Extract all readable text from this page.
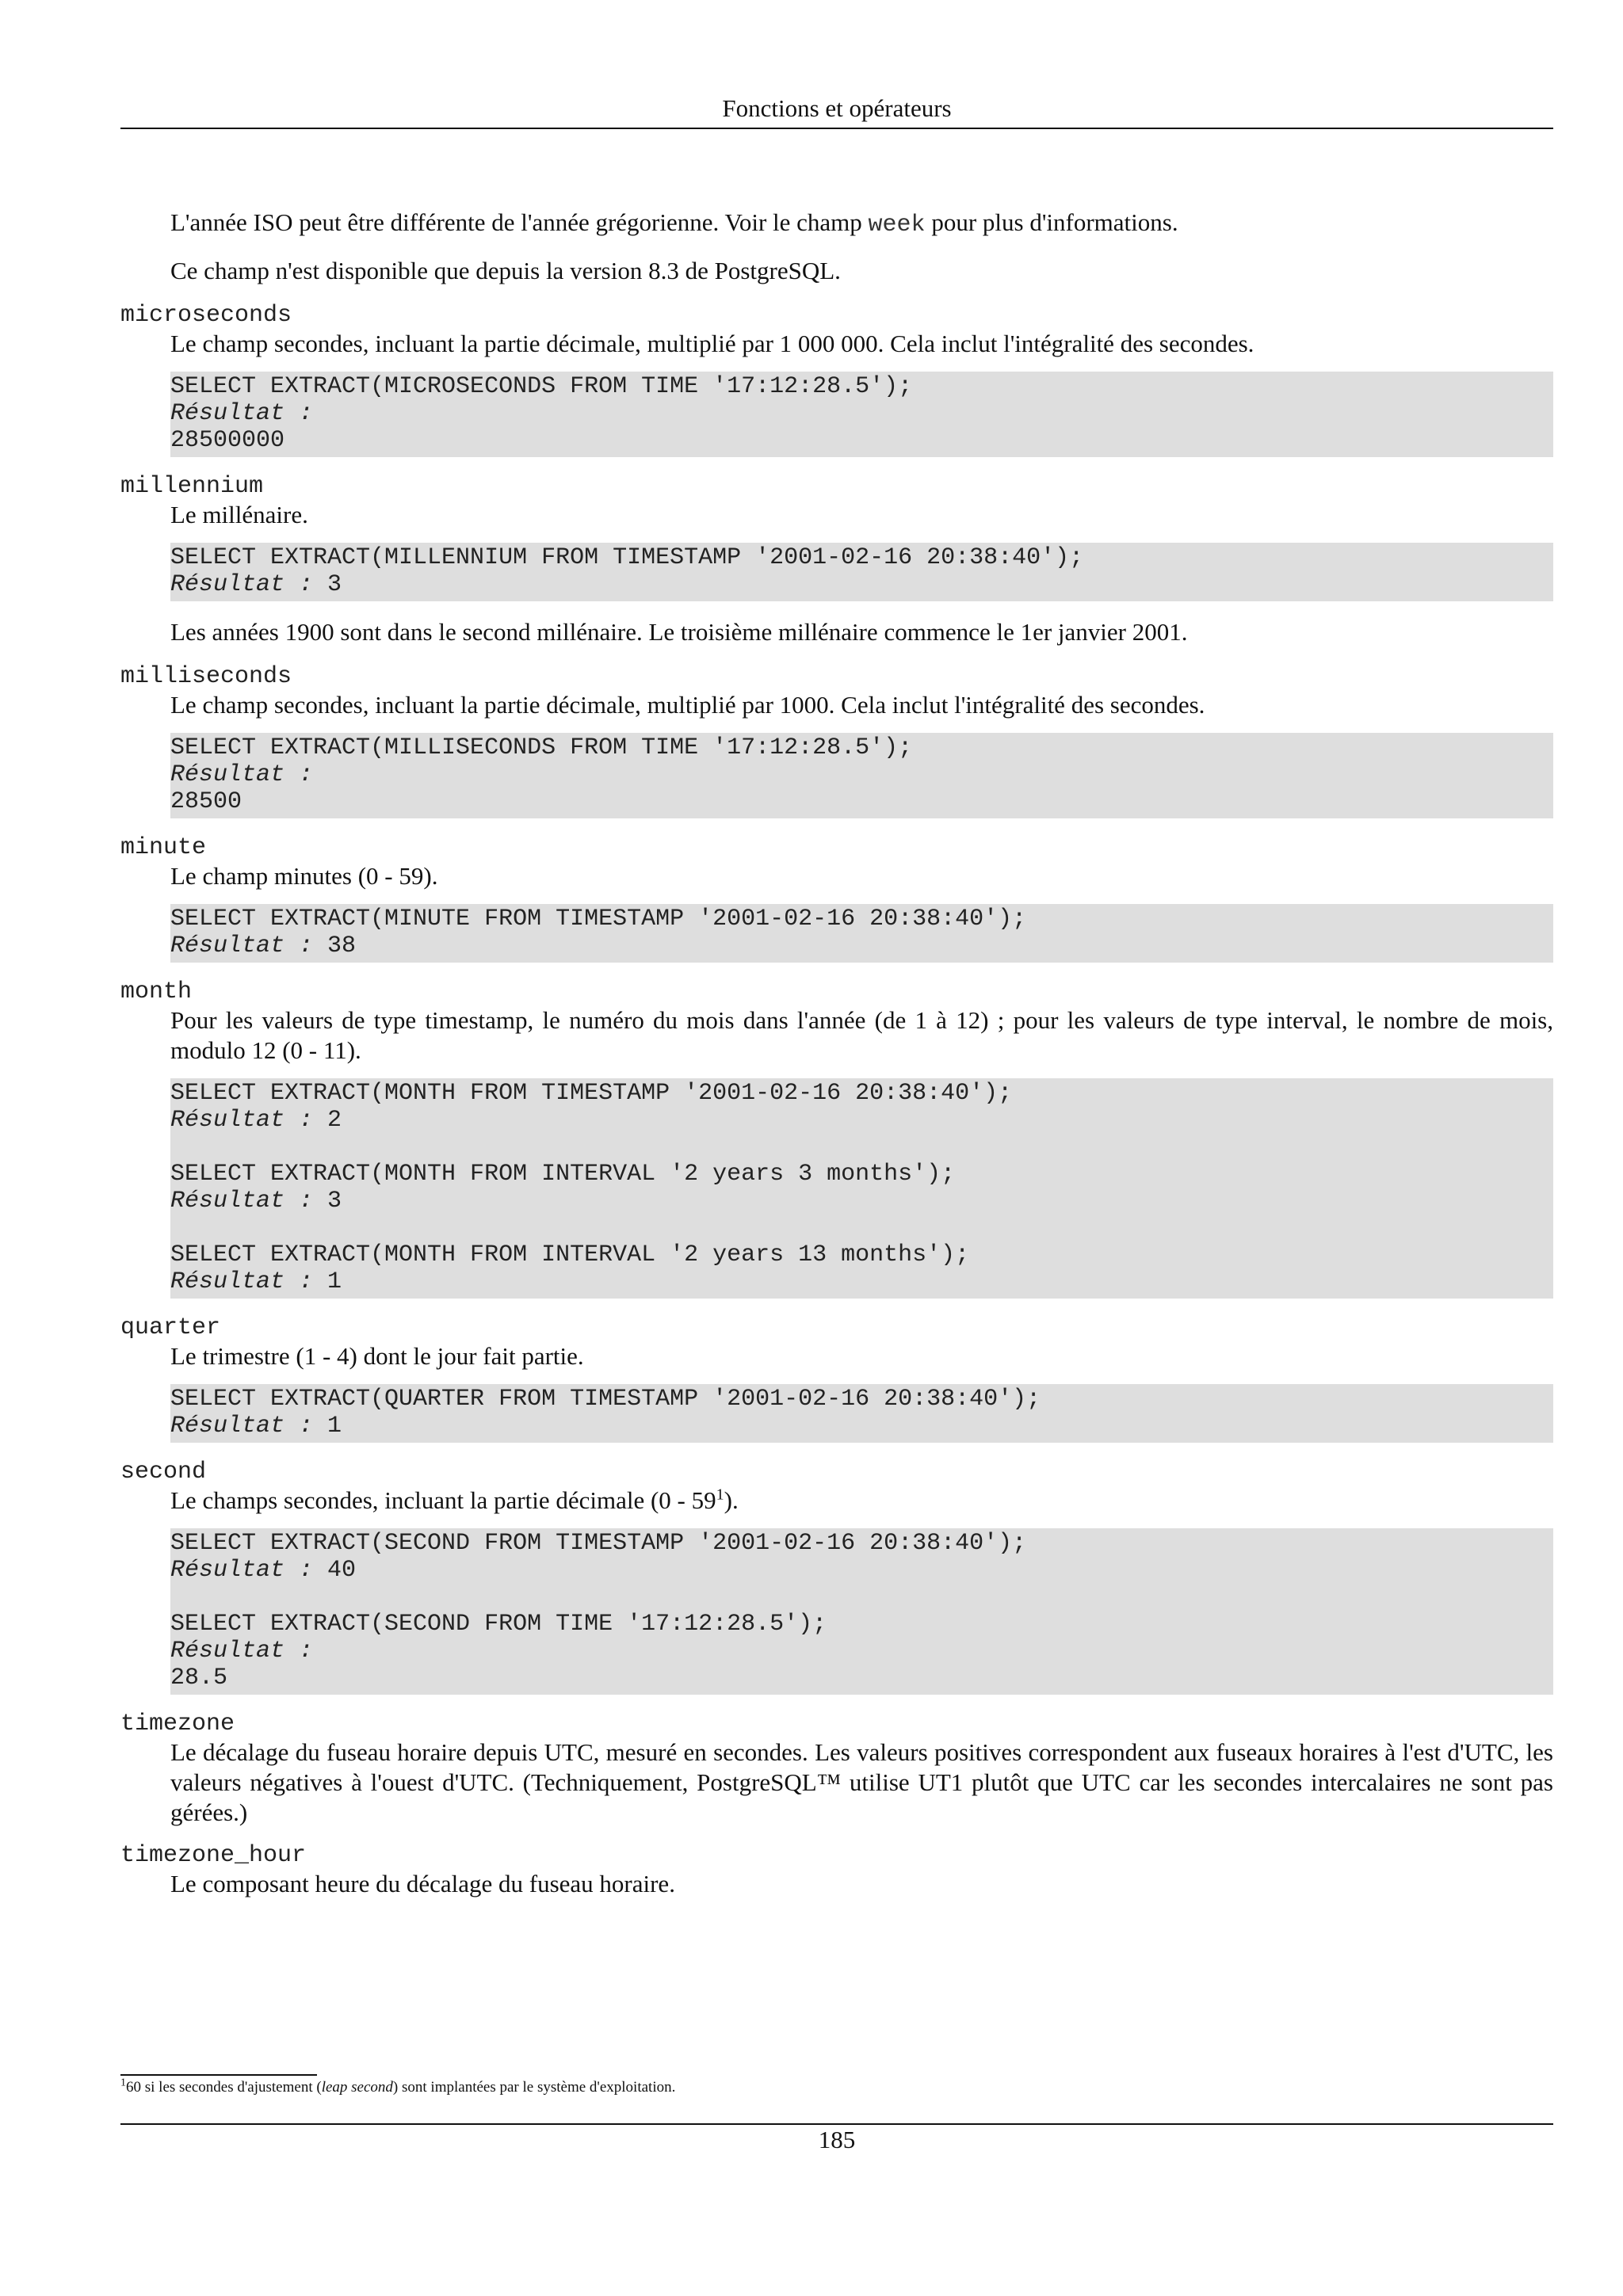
Fonctions et opérateurs

L'année ISO peut être différente de l'année grégorienne. Voir le champ week pour plus d'informations.

Ce champ n'est disponible que depuis la version 8.3 de PostgreSQL.

microseconds

Le champ secondes, incluant la partie décimale, multiplié par 1 000 000. Cela inclut l'intégralité des secondes.

SELECT EXTRACT(MICROSECONDS FROM TIME '17:12:28.5');
Résultat :
28500000
millennium

Le millénaire.

SELECT EXTRACT(MILLENNIUM FROM TIMESTAMP '2001-02-16 20:38:40');
Résultat : 3

Les années 1900 sont dans le second millénaire. Le troisième millénaire commence le 1er janvier 2001.

milliseconds

Le champ secondes, incluant la partie décimale, multiplié par 1000. Cela inclut l'intégralité des secondes.

SELECT EXTRACT(MILLISECONDS FROM TIME '17:12:28.5');
Résultat :
28500
minute

Le champ minutes (0 - 59).

SELECT EXTRACT(MINUTE FROM TIMESTAMP '2001-02-16 20:38:40');
Résultat : 38
month

Pour les valeurs de type timestamp, le numéro du mois dans l'année (de 1 à 12) ; pour les valeurs de type interval, le nombre de mois, modulo 12 (0 - 11).

SELECT EXTRACT(MONTH FROM TIMESTAMP '2001-02-16 20:38:40');
Résultat : 2
SELECT EXTRACT(MONTH FROM INTERVAL '2 years 3 months');
Résultat : 3
SELECT EXTRACT(MONTH FROM INTERVAL '2 years 13 months');
Résultat : 1
quarter

Le trimestre (1 - 4) dont le jour fait partie.

SELECT EXTRACT(QUARTER FROM TIMESTAMP '2001-02-16 20:38:40');
Résultat : 1
second

Le champs secondes, incluant la partie décimale $(0 - 59^1)$.

SELECT EXTRACT(SECOND FROM TIMESTAMP '2001-02-16 20:38:40');
Résultat : 40
SELECT EXTRACT(SECOND FROM TIME '17:12:28.5');
Résultat :
28.5
timezone

Le décalage du fuseau horaire depuis UTC, mesuré en secondes. Les valeurs positives correspondent aux fuseaux horaires à l'est d'UTC, les valeurs négatives à l'ouest d'UTC. (Techniquement, PostgreSQL™ utilise UT1 plutôt que UTC car les secondes intercalaires ne sont pas gérées.)

timezone_hour

Le composant heure du décalage du fuseau horaire.

$^1$60 si les secondes d'ajustement (leap second) sont implantées par le système d'exploitation.
185
